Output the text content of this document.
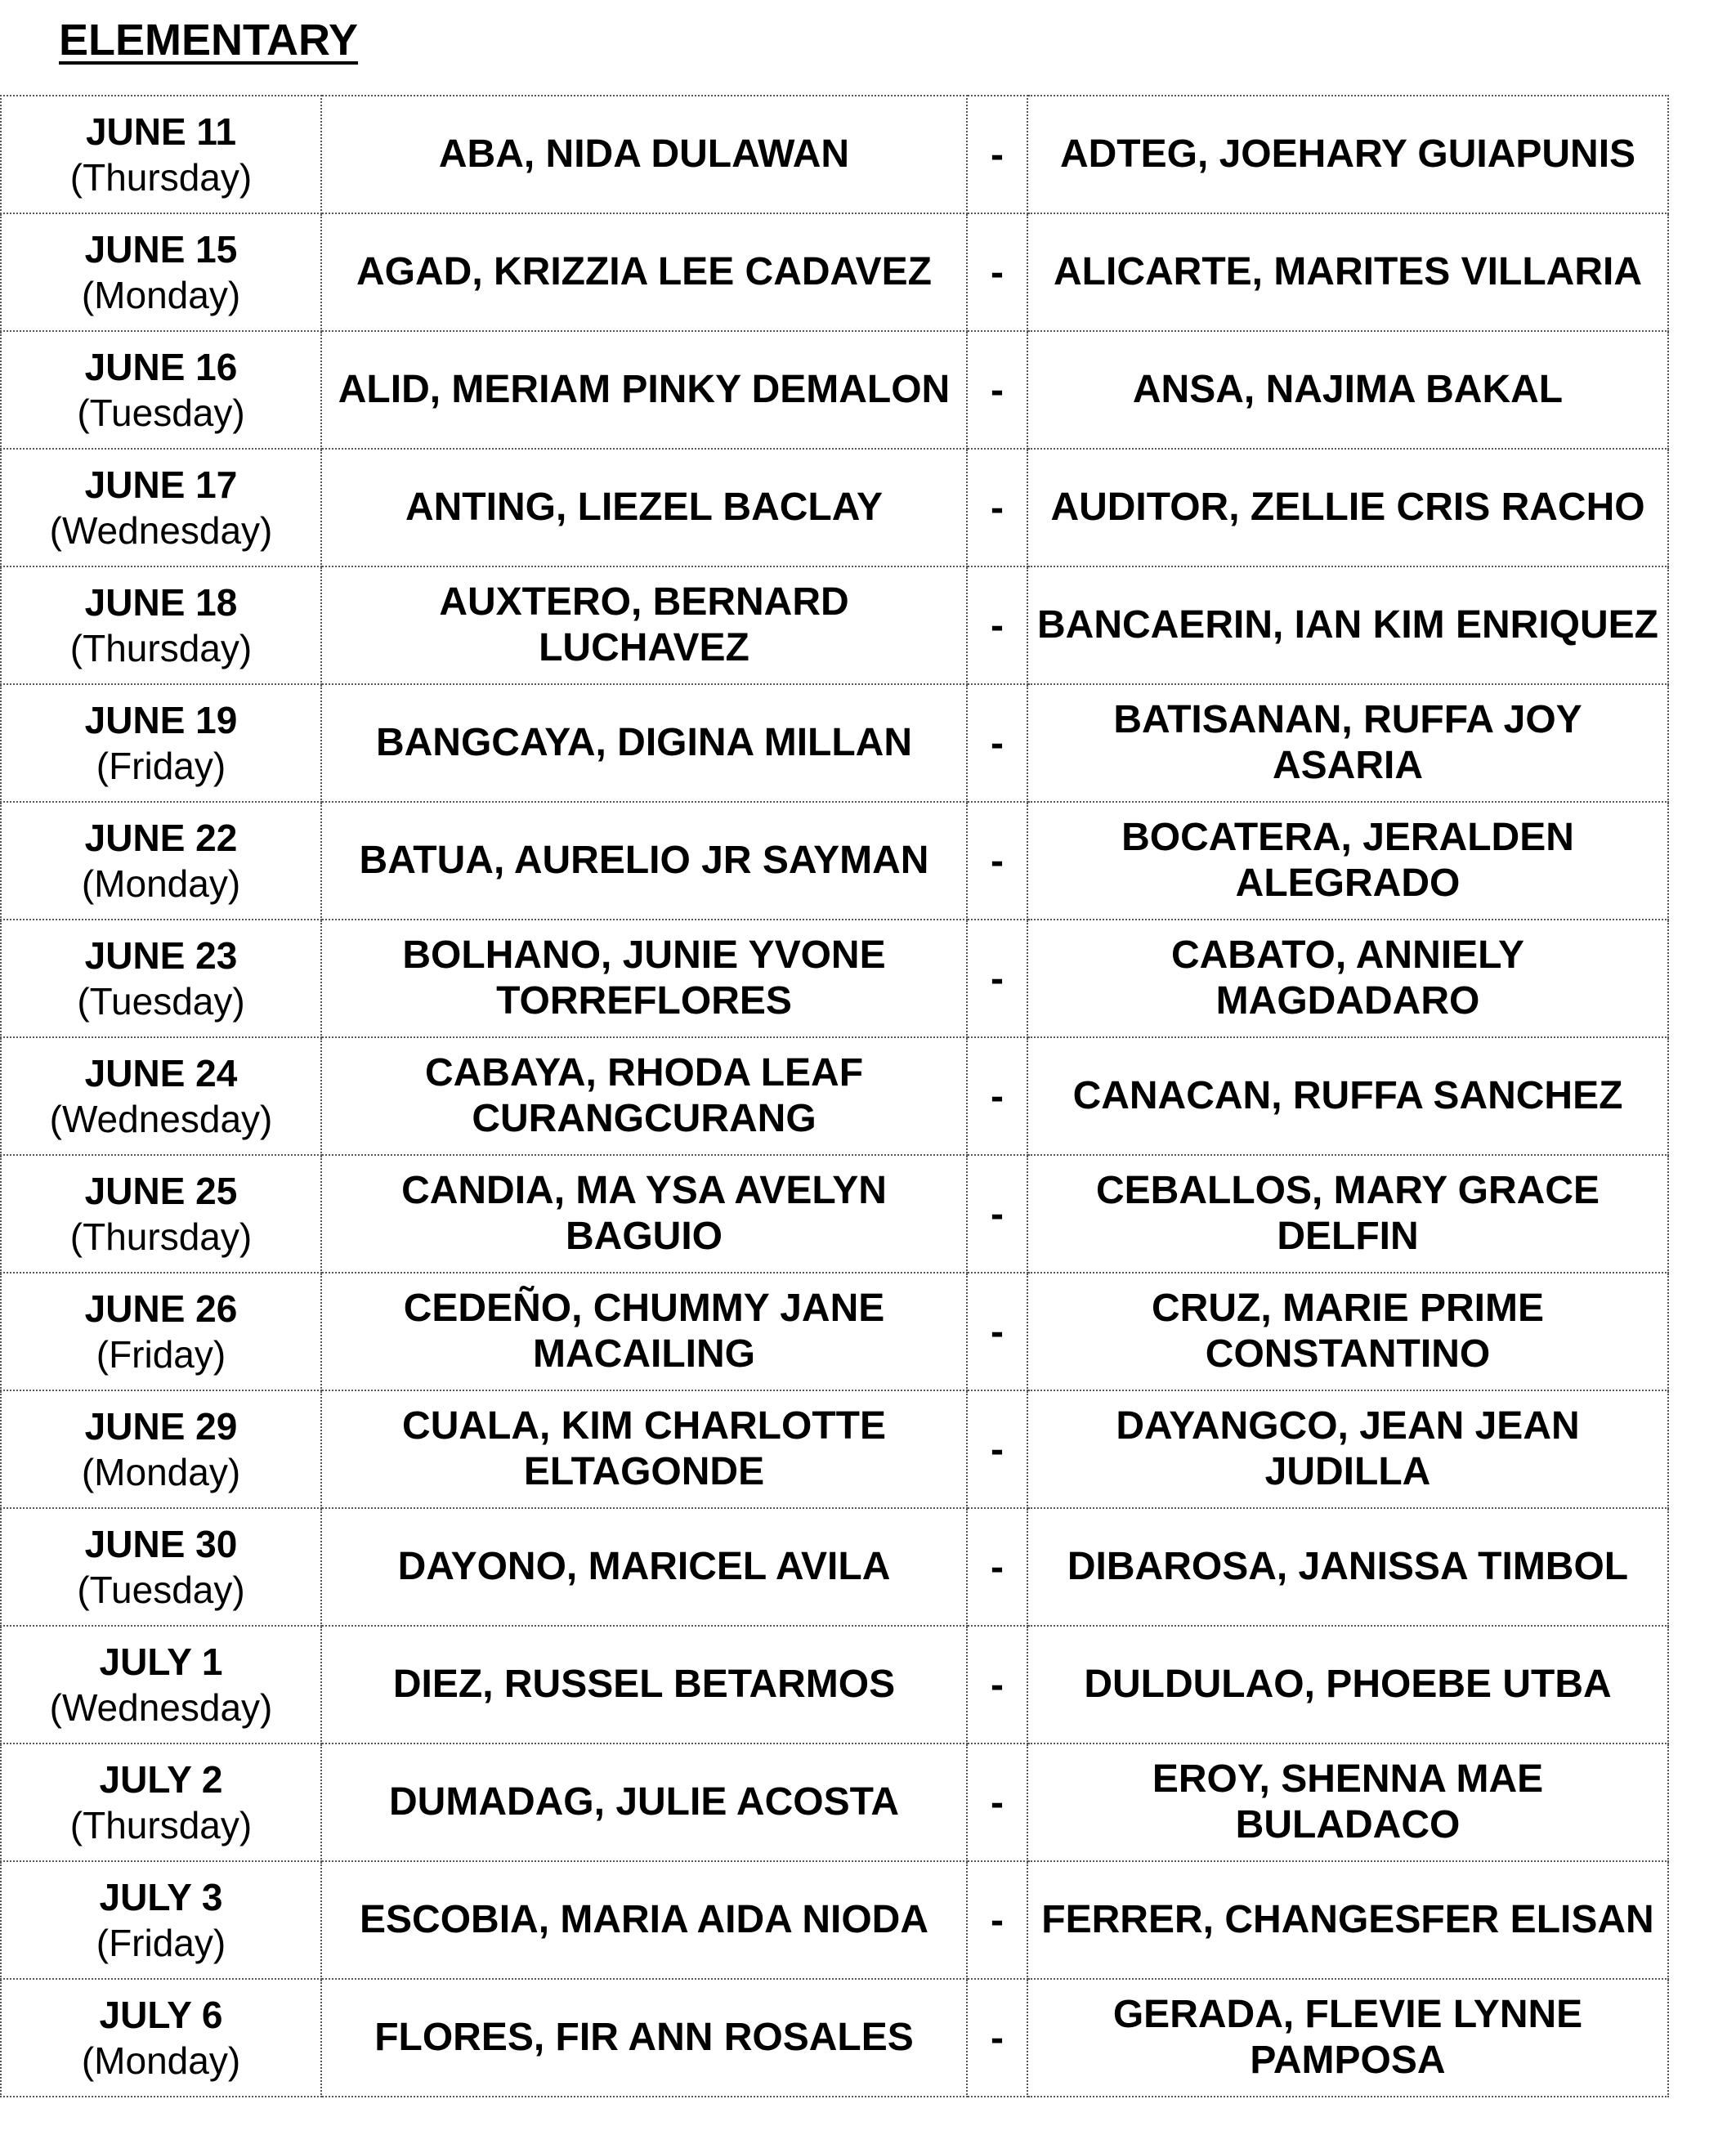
ELEMENTARY
JUNE 11
(Thursday)	ABA, NIDA DULAWAN	-	ADTEG, JOEHARY GUIAPUNIS

JUNE 15
(Monday)	AGAD, KRIZZIA LEE CADAVEZ	-	ALICARTE, MARITES VILLARIA

JUNE 16
(Tuesday)	ALID, MERIAM PINKY DEMALON	-	ANSA, NAJIMA BAKAL

JUNE 17
(Wednesday)	ANTING, LIEZEL BACLAY	-	AUDITOR, ZELLIE CRIS RACHO

JUNE 18
(Thursday)	AUXTERO, BERNARD LUCHAVEZ	-	BANCAERIN, IAN KIM ENRIQUEZ

JUNE 19
(Friday)	BANGCAYA, DIGINA MILLAN	-	BATISANAN, RUFFA JOY ASARIA

JUNE 22
(Monday)	BATUA, AURELIO JR SAYMAN	-	BOCATERA, JERALDEN ALEGRADO

JUNE 23
(Tuesday)	BOLHANO, JUNIE YVONE TORREFLORES	-	CABATO, ANNIELY MAGDADARO

JUNE 24
(Wednesday)	CABAYA, RHODA LEAF CURANGCURANG	-	CANACAN, RUFFA SANCHEZ

JUNE 25
(Thursday)	CANDIA, MA YSA AVELYN BAGUIO	-	CEBALLOS, MARY GRACE DELFIN

JUNE 26
(Friday)	CEDEÑO, CHUMMY JANE MACAILING	-	CRUZ, MARIE PRIME CONSTANTINO

JUNE 29
(Monday)	CUALA, KIM CHARLOTTE ELTAGONDE	-	DAYANGCO, JEAN JEAN JUDILLA

JUNE 30
(Tuesday)	DAYONO, MARICEL AVILA	-	DIBAROSA, JANISSA TIMBOL

JULY 1
(Wednesday)	DIEZ, RUSSEL BETARMOS	-	DULDULAO, PHOEBE UTBA

JULY 2
(Thursday)	DUMADAG, JULIE ACOSTA	-	EROY, SHENNA MAE BULADACO

JULY 3
(Friday)	ESCOBIA, MARIA AIDA NIODA	-	FERRER, CHANGESFER ELISAN

JULY 6
(Monday)	FLORES, FIR ANN ROSALES	-	GERADA, FLEVIE LYNNE PAMPOSA
